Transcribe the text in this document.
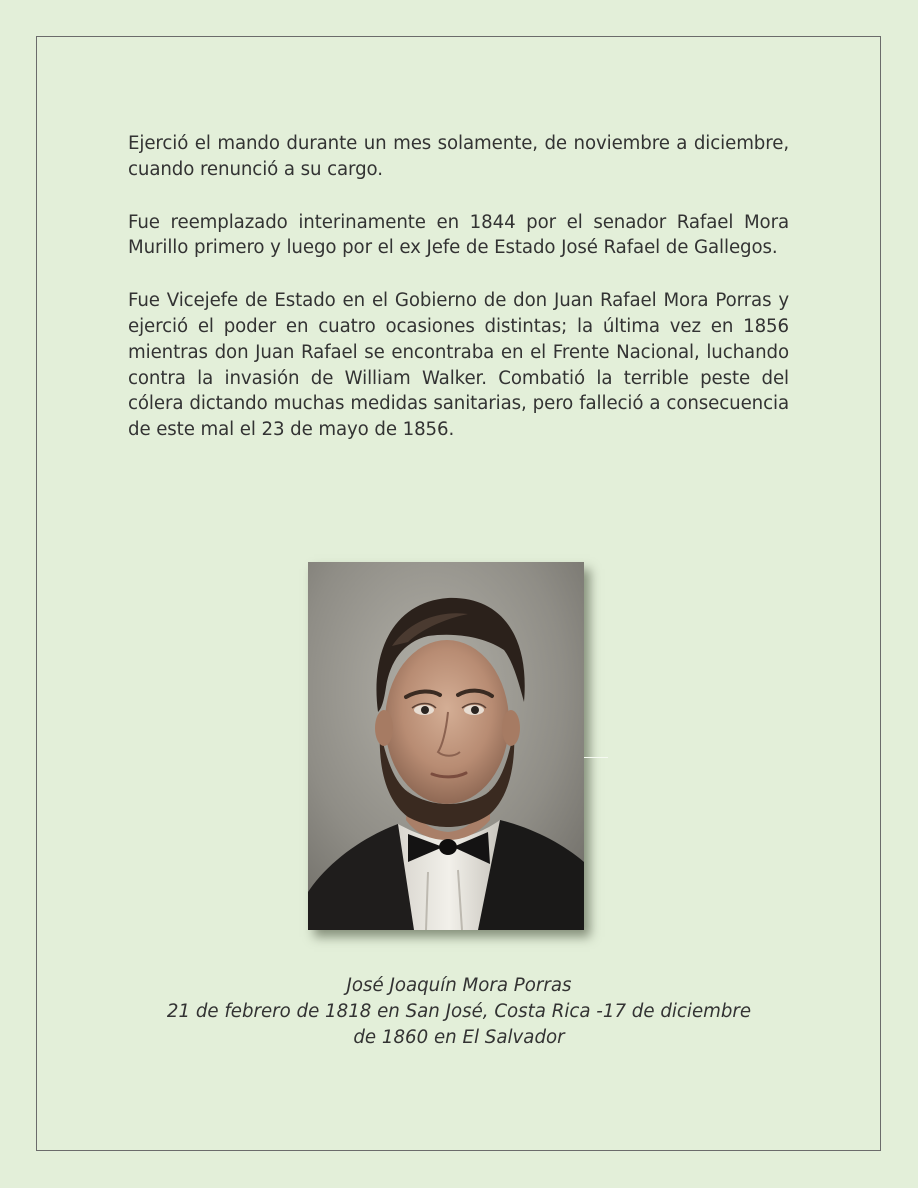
Ejerció el mando durante un mes solamente, de noviembre a diciembre, cuando renunció a su cargo.

Fue reemplazado interinamente en 1844 por el senador Rafael Mora Murillo primero y luego por el ex Jefe de Estado José Rafael de Gallegos.

Fue Vicejefe de Estado en el Gobierno de don Juan Rafael Mora Porras y ejerció el poder en cuatro ocasiones distintas; la última vez en 1856 mientras don Juan Rafael se encontraba en el Frente Nacional, luchando contra la invasión de William Walker. Combatió la terrible peste del cólera dictando muchas medidas sanitarias, pero falleció a consecuencia de este mal el 23 de mayo de 1856.

José Joaquín Mora Porras
21 de febrero de 1818 en San José, Costa Rica -17 de diciembre
de 1860 en El Salvador
